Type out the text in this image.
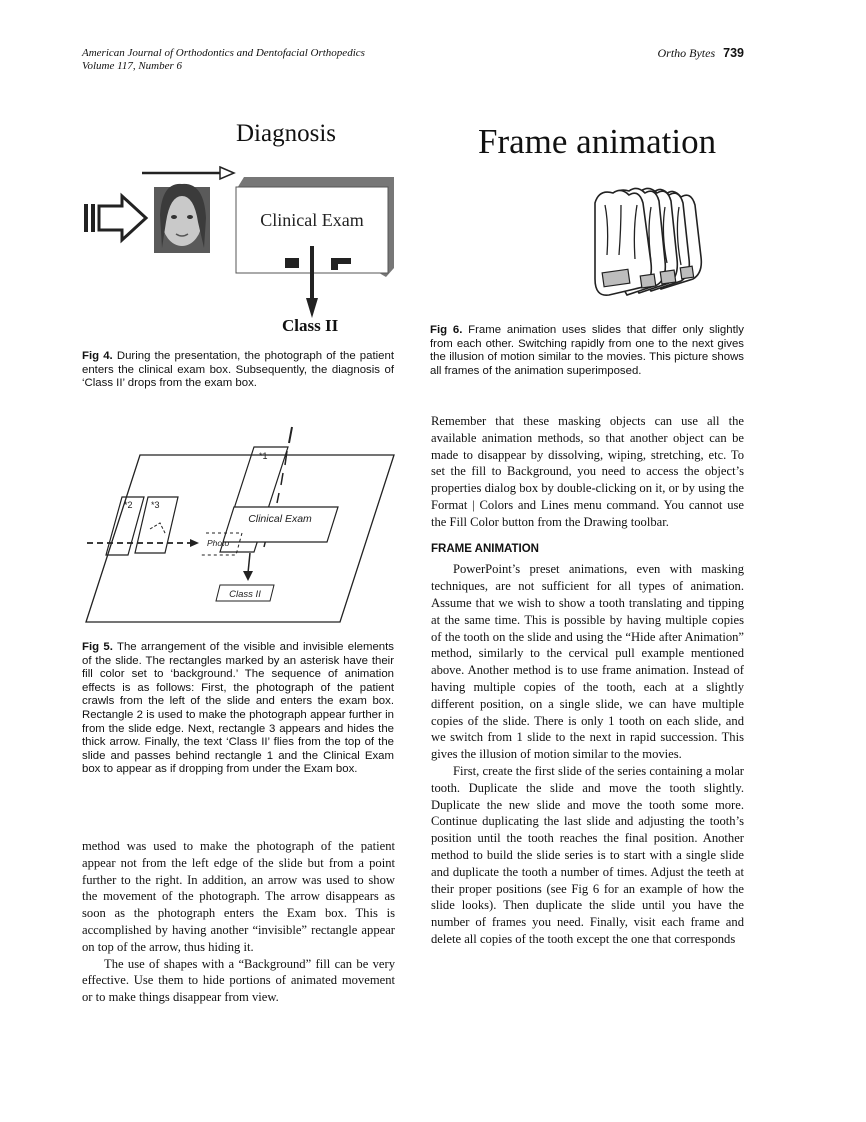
American Journal of Orthodontics and Dentofacial Orthopedics
Volume 117, Number 6
Ortho Bytes 739
Diagnosis
Clinical Exam
Class II
Fig 4. During the presentation, the photograph of the patient enters the clinical exam box. Subsequently, the diagnosis of ‘Class II’ drops from the exam box.
*1
Clinical Exam
Photo
*2 *3
Class II
Fig 5. The arrangement of the visible and invisible elements of the slide. The rectangles marked by an asterisk have their fill color set to ‘background.’ The sequence of animation effects is as follows: First, the photograph of the patient crawls from the left of the slide and enters the exam box. Rectangle 2 is used to make the photograph appear further in from the slide edge. Next, rectangle 3 appears and hides the thick arrow. Finally, the text ‘Class II’ flies from the top of the slide and passes behind rectangle 1 and the Clinical Exam box to appear as if dropping from under the Exam box.

method was used to make the photograph of the patient appear not from the left edge of the slide but from a point further to the right. In addition, an arrow was used to show the movement of the photograph. The arrow disappears as soon as the photograph enters the Exam box. This is accomplished by having another “invisible” rectangle appear on top of the arrow, thus hiding it.

The use of shapes with a “Background” fill can be very effective. Use them to hide portions of animated movement or to make things disappear from view.

Frame animation
Fig 6. Frame animation uses slides that differ only slightly from each other. Switching rapidly from one to the next gives the illusion of motion similar to the movies. This picture shows all frames of the animation superimposed.

Remember that these masking objects can use all the available animation methods, so that another object can be made to disappear by dissolving, wiping, stretching, etc. To set the fill to Background, you need to access the object’s properties dialog box by double-clicking on it, or by using the Format | Colors and Lines menu command. You cannot use the Fill Color button from the Drawing toolbar.

FRAME ANIMATION

PowerPoint’s preset animations, even with masking techniques, are not sufficient for all types of animation. Assume that we wish to show a tooth translating and tipping at the same time. This is possible by having multiple copies of the tooth on the slide and using the “Hide after Animation” method, similarly to the cervical pull example mentioned above. Another method is to use frame animation. Instead of having multiple copies of the tooth, each at a slightly different position, on a single slide, we can have multiple copies of the slide. There is only 1 tooth on each slide, and we switch from 1 slide to the next in rapid succession. This gives the illusion of motion similar to the movies.

First, create the first slide of the series containing a molar tooth. Duplicate the slide and move the tooth slightly. Duplicate the new slide and move the tooth some more. Continue duplicating the last slide and adjusting the tooth’s position until the tooth reaches the final position. Another method to build the slide series is to start with a single slide and duplicate the tooth a number of times. Adjust the teeth at their proper positions (see Fig 6 for an example of how the slide looks). Then duplicate the slide until you have the number of frames you need. Finally, visit each frame and delete all copies of the tooth except the one that corresponds
